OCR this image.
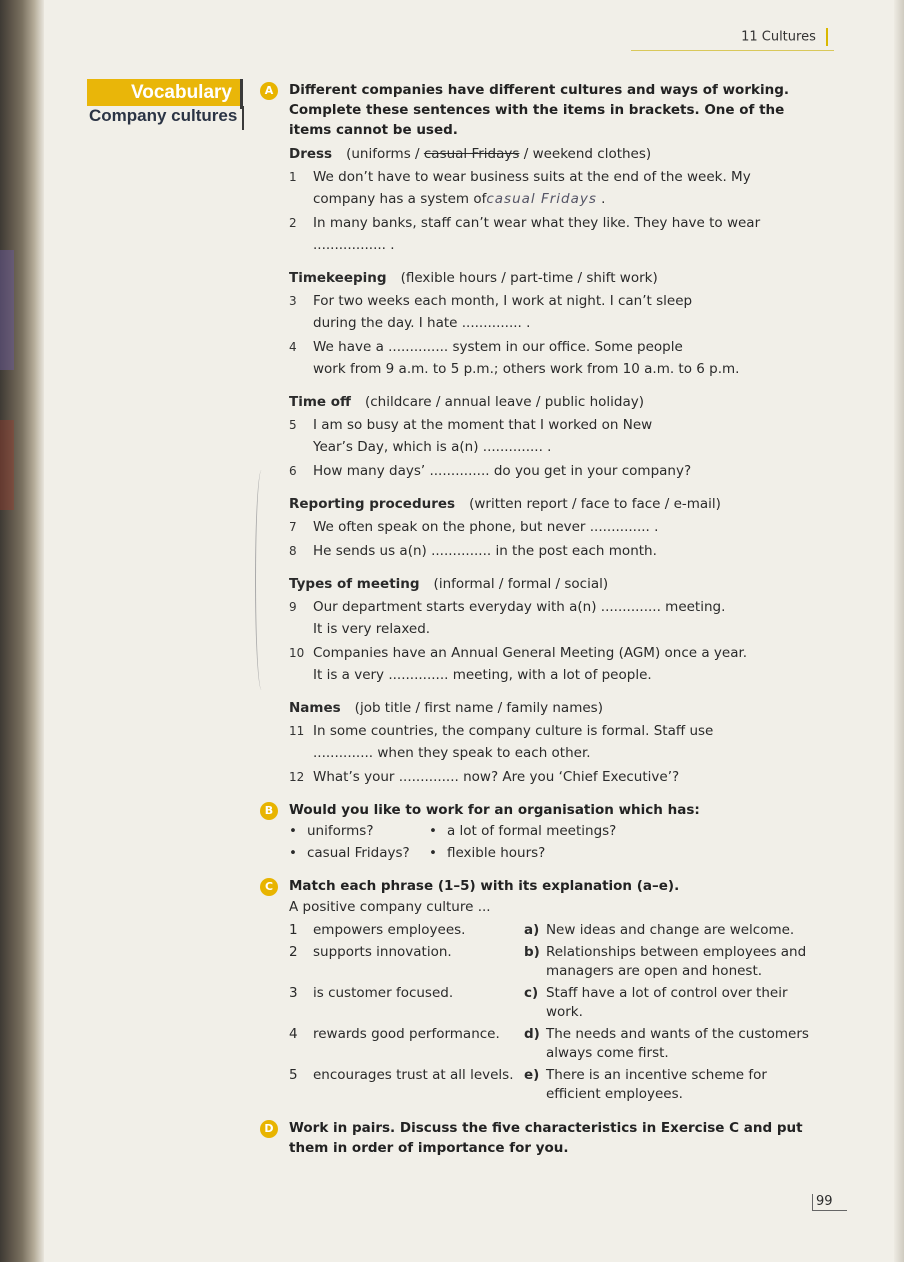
11 Cultures
Vocabulary
Company cultures
A	Different companies have different cultures and ways of working. Complete these sentences with the items in brackets. One of the items cannot be used.
Dress (uniforms / casual Fridays / weekend clothes)
1 We don’t have to wear business suits at the end of the week. My
company has a system ofcasual Fridays .
2 In many banks, staff can’t wear what they like. They have to wear
................. .
Timekeeping (flexible hours / part-time / shift work)
3 For two weeks each month, I work at night. I can’t sleep
during the day. I hate .............. .
4 We have a .............. system in our office. Some people
work from 9 a.m. to 5 p.m.; others work from 10 a.m. to 6 p.m.
Time off (childcare / annual leave / public holiday)
5 I am so busy at the moment that I worked on New
Year’s Day, which is a(n) .............. .
6 How many days’ .............. do you get in your company?
Reporting procedures (written report / face to face / e-mail)
7 We often speak on the phone, but never .............. .
8 He sends us a(n) .............. in the post each month.
Types of meeting (informal / formal / social)
9 Our department starts everyday with a(n) .............. meeting.
It is very relaxed.
10 Companies have an Annual General Meeting (AGM) once a year.
It is a very .............. meeting, with a lot of people.
Names (job title / first name / family names)
11 In some countries, the company culture is formal. Staff use
.............. when they speak to each other.
12 What’s your .............. now? Are you ‘Chief Executive’?
B	Would you like to work for an organisation which has:
• uniforms?
• casual Fridays?
• a lot of formal meetings?
• flexible hours?
C	Match each phrase (1–5) with its explanation (a–e).
A positive company culture ...
1 empowers employees.	a) New ideas and change are welcome.
2 supports innovation.	b) Relationships between employees and managers are open and honest.
3 is customer focused.	c) Staff have a lot of control over their work.
4 rewards good performance.	d) The needs and wants of the customers always come first.
5 encourages trust at all levels. e) There is an incentive scheme for efficient employees.
D	Work in pairs. Discuss the five characteristics in Exercise C and put them in order of importance for you.
99
